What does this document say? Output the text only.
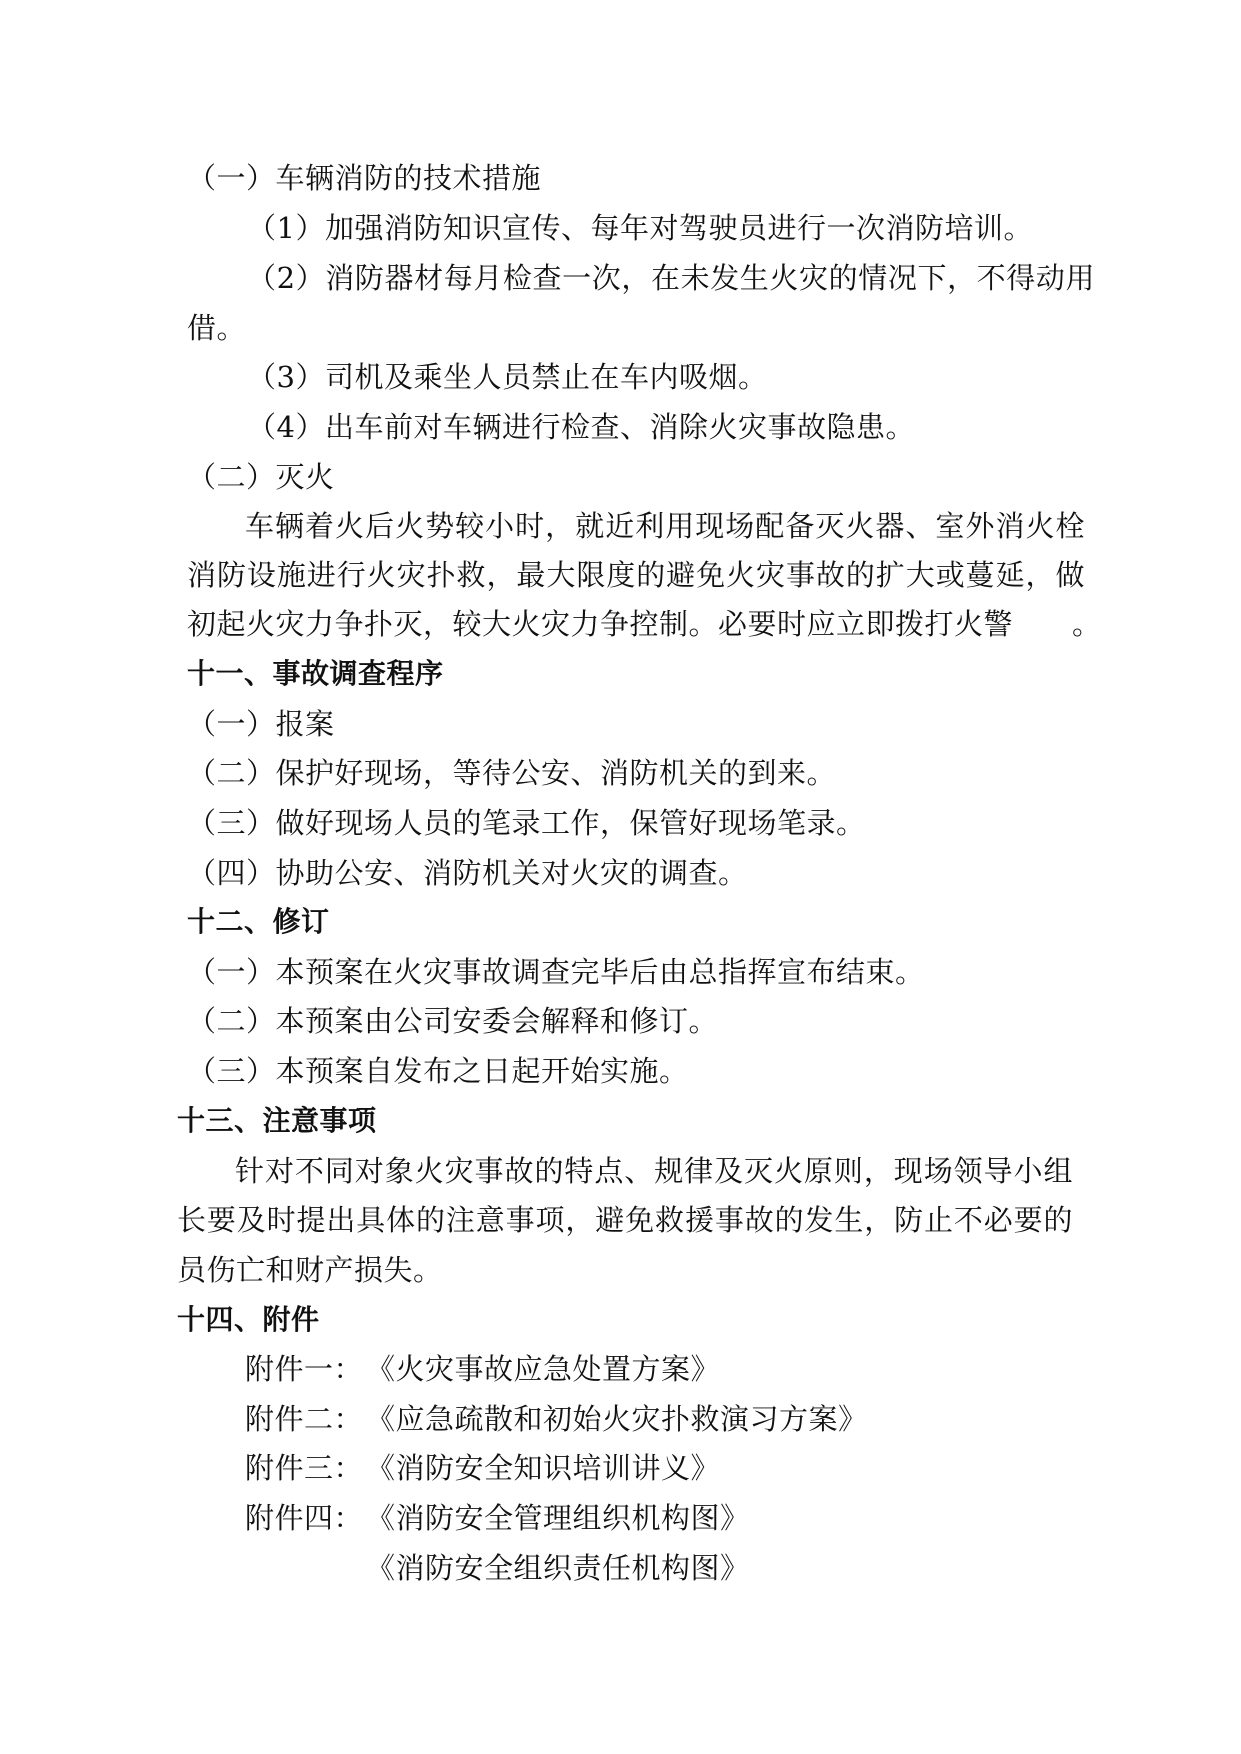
（一）车辆消防的技术措施
（1）加强消防知识宣传、每年对驾驶员进行一次消防培训。
（2）消防器材每月检查一次，在未发生火灾的情况下，不得动用
借。
（3）司机及乘坐人员禁止在车内吸烟。
（4）出车前对车辆进行检查、消除火灾事故隐患。
（二）灭火
车辆着火后火势较小时，就近利用现场配备灭火器、室外消火栓
消防设施进行火灾扑救，最大限度的避免火灾事故的扩大或蔓延，做
初起火灾力争扑灭，较大火灾力争控制。必要时应立即拨打火警　　。
十一、事故调查程序
（一）报案
（二）保护好现场，等待公安、消防机关的到来。
（三）做好现场人员的笔录工作，保管好现场笔录。
（四）协助公安、消防机关对火灾的调查。
十二、修订
（一）本预案在火灾事故调查完毕后由总指挥宣布结束。
（二）本预案由公司安委会解释和修订。
（三）本预案自发布之日起开始实施。
十三、注意事项
针对不同对象火灾事故的特点、规律及灭火原则，现场领导小组
长要及时提出具体的注意事项，避免救援事故的发生，防止不必要的
员伤亡和财产损失。
十四、附件
附件一： 《火灾事故应急处置方案》
附件二： 《应急疏散和初始火灾扑救演习方案》
附件三： 《消防安全知识培训讲义》
附件四： 《消防安全管理组织机构图》
《消防安全组织责任机构图》
